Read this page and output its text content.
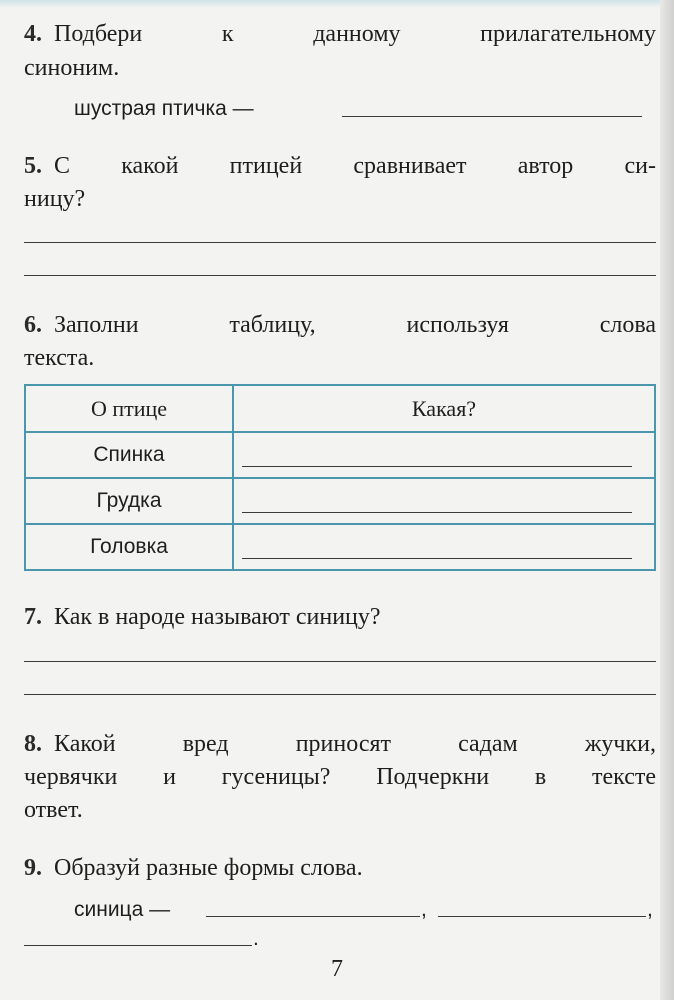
4. Подбери к данному прилагательному
синоним.
шустрая птичка —
5. С какой птицей сравнивает автор си-
ницу?
6. Заполни таблицу, используя слова
текста.
О птице	Какая?
Спинка	

Грудка	

Головка	
7. Как в народе называют синицу?
8. Какой вред приносят садам жучки,
червячки и гусеницы? Подчеркни в тексте
ответ.
9. Образуй разные формы слова.
синица —	,	,
.
7
